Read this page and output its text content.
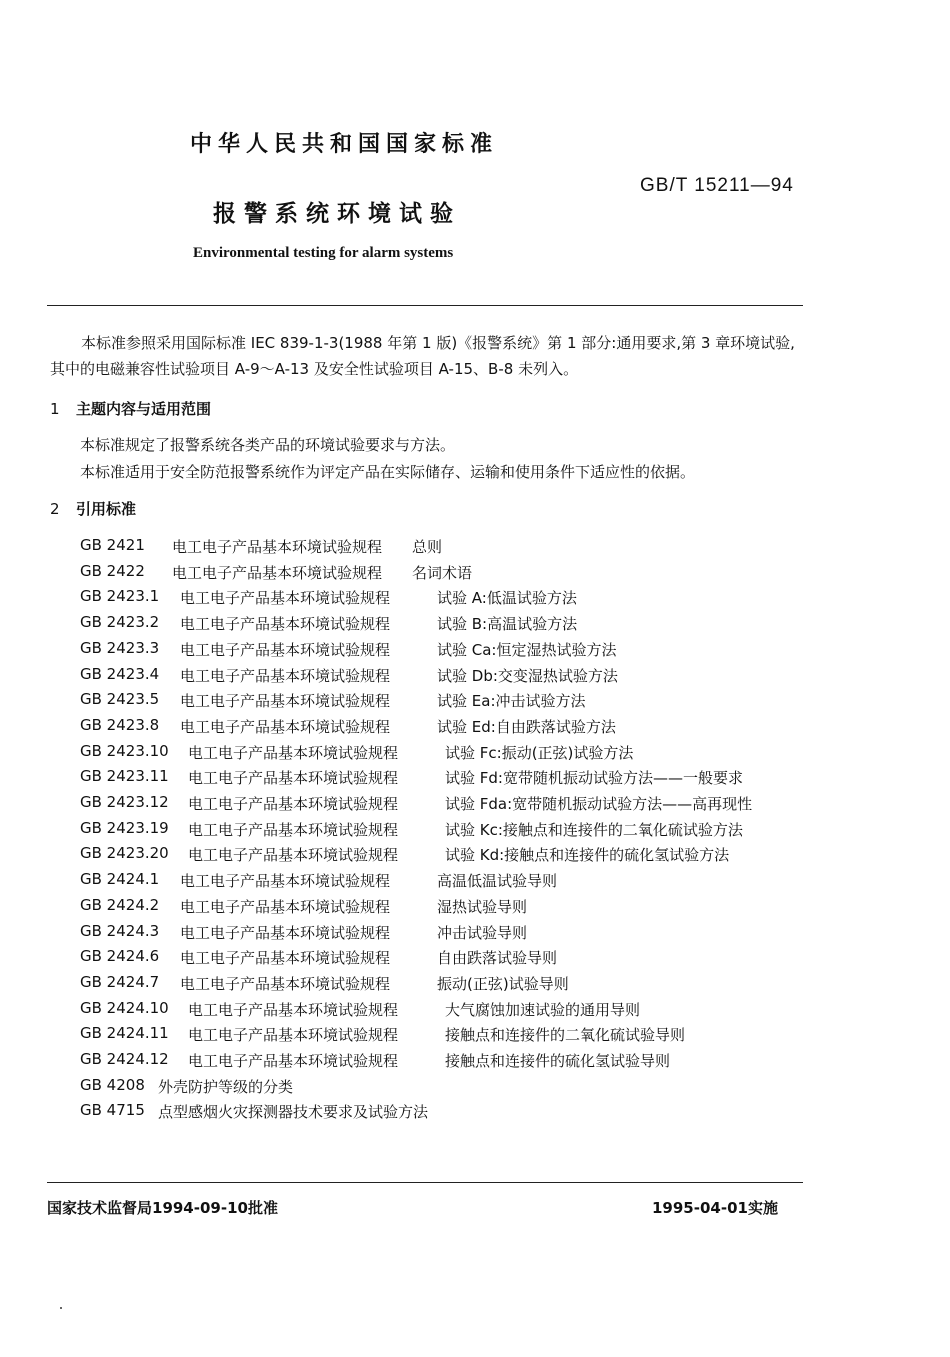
中华人民共和国国家标准
GB/T 15211—94
报警系统环境试验
Environmental testing for alarm systems
本标准参照采用国际标准 IEC 839-1-3(1988 年第 1 版)《报警系统》第 1 部分:通用要求,第 3 章环境试验,其中的电磁兼容性试验项目 A-9～A-13 及安全性试验项目 A-15、B-8 未列入。
1 主题内容与适用范围
本标准规定了报警系统各类产品的环境试验要求与方法。
本标准适用于安全防范报警系统作为评定产品在实际储存、运输和使用条件下适应性的依据。
2 引用标准
GB 2421 电工电子产品基本环境试验规程 总则
GB 2422 电工电子产品基本环境试验规程 名词术语
GB 2423.1 电工电子产品基本环境试验规程	试验 A:低温试验方法
GB 2423.2 电工电子产品基本环境试验规程	试验 B:高温试验方法
GB 2423.3 电工电子产品基本环境试验规程	试验 Ca:恒定湿热试验方法
GB 2423.4 电工电子产品基本环境试验规程	试验 Db:交变湿热试验方法
GB 2423.5 电工电子产品基本环境试验规程	试验 Ea:冲击试验方法
GB 2423.8 电工电子产品基本环境试验规程	试验 Ed:自由跌落试验方法
GB 2423.10 电工电子产品基本环境试验规程	试验 Fc:振动(正弦)试验方法
GB 2423.11 电工电子产品基本环境试验规程	试验 Fd:宽带随机振动试验方法——一般要求
GB 2423.12 电工电子产品基本环境试验规程	试验 Fda:宽带随机振动试验方法——高再现性
GB 2423.19 电工电子产品基本环境试验规程	试验 Kc:接触点和连接件的二氧化硫试验方法
GB 2423.20 电工电子产品基本环境试验规程	试验 Kd:接触点和连接件的硫化氢试验方法
GB 2424.1 电工电子产品基本环境试验规程	高温低温试验导则
GB 2424.2 电工电子产品基本环境试验规程	湿热试验导则
GB 2424.3 电工电子产品基本环境试验规程	冲击试验导则
GB 2424.6 电工电子产品基本环境试验规程	自由跌落试验导则
GB 2424.7 电工电子产品基本环境试验规程	振动(正弦)试验导则
GB 2424.10 电工电子产品基本环境试验规程	大气腐蚀加速试验的通用导则
GB 2424.11 电工电子产品基本环境试验规程	接触点和连接件的二氧化硫试验导则
GB 2424.12 电工电子产品基本环境试验规程	接触点和连接件的硫化氢试验导则
GB 4208 外壳防护等级的分类
GB 4715 点型感烟火灾探测器技术要求及试验方法
国家技术监督局1994-09-10批准	1995-04-01实施
